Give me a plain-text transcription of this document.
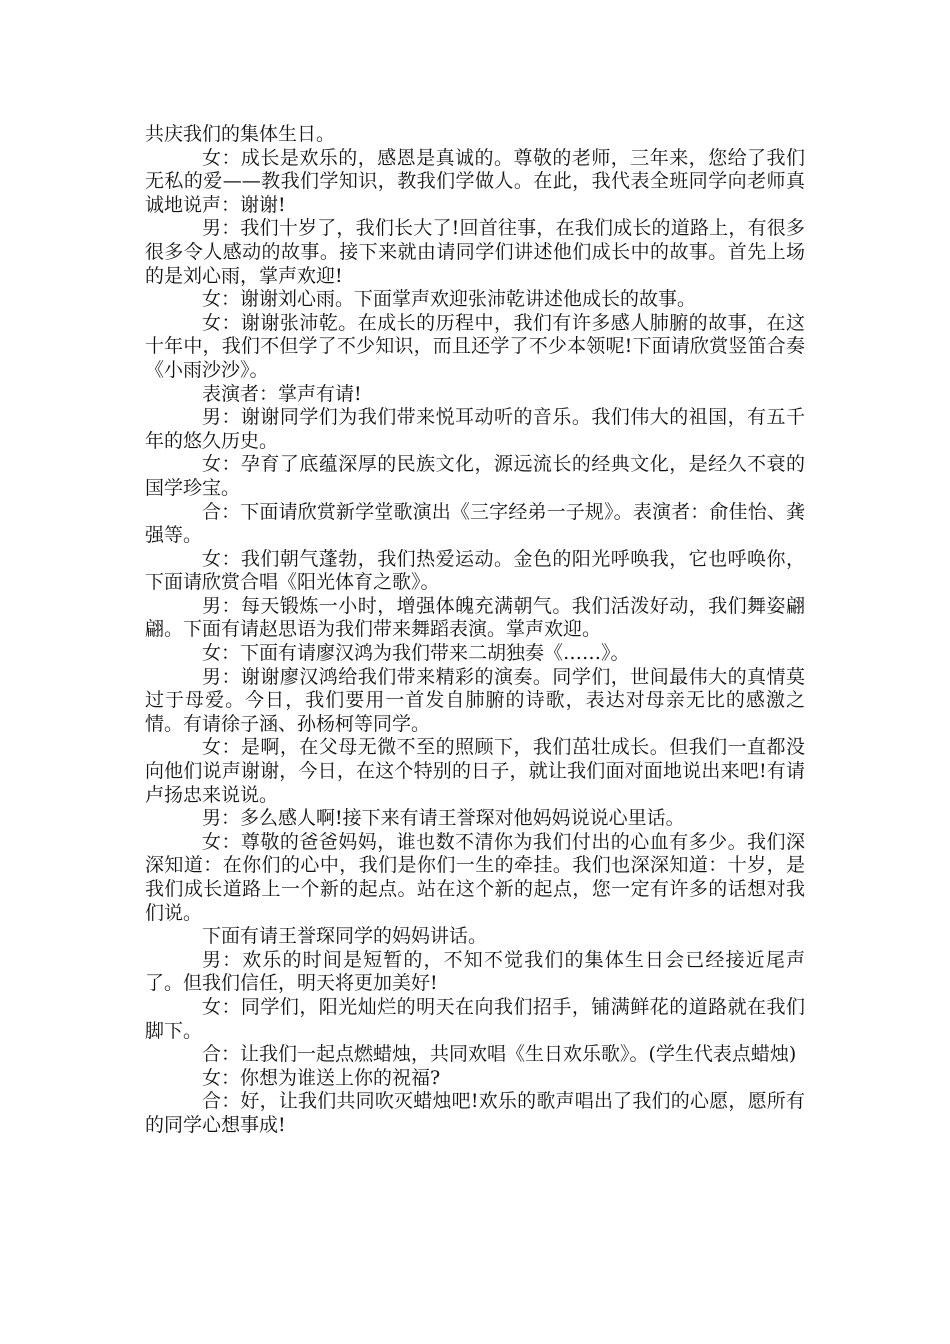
共庆我们的集体生日。

女：成长是欢乐的，感恩是真诚的。尊敬的老师，三年来，您给了我们无私的爱——教我们学知识，教我们学做人。在此，我代表全班同学向老师真诚地说声：谢谢!

男：我们十岁了，我们长大了!回首往事，在我们成长的道路上，有很多很多令人感动的故事。接下来就由请同学们讲述他们成长中的故事。首先上场的是刘心雨，掌声欢迎!

女：谢谢刘心雨。下面掌声欢迎张沛乾讲述他成长的故事。

女：谢谢张沛乾。在成长的历程中，我们有许多感人肺腑的故事，在这十年中，我们不但学了不少知识，而且还学了不少本领呢!下面请欣赏竖笛合奏《小雨沙沙》。

表演者：掌声有请!

男：谢谢同学们为我们带来悦耳动听的音乐。我们伟大的祖国，有五千年的悠久历史。

女：孕育了底蕴深厚的民族文化，源远流长的经典文化，是经久不衰的国学珍宝。

合：下面请欣赏新学堂歌演出《三字经弟一子规》。表演者：俞佳怡、龚强等。

女：我们朝气蓬勃，我们热爱运动。金色的阳光呼唤我，它也呼唤你，下面请欣赏合唱《阳光体育之歌》。

男：每天锻炼一小时，增强体魄充满朝气。我们活泼好动，我们舞姿翩翩。下面有请赵思语为我们带来舞蹈表演。掌声欢迎。

女：下面有请廖汉鸿为我们带来二胡独奏《……》。

男：谢谢廖汉鸿给我们带来精彩的演奏。同学们，世间最伟大的真情莫过于母爱。今日，我们要用一首发自肺腑的诗歌，表达对母亲无比的感激之情。有请徐子涵、孙杨柯等同学。

女：是啊，在父母无微不至的照顾下，我们茁壮成长。但我们一直都没向他们说声谢谢，今日，在这个特别的日子，就让我们面对面地说出来吧!有请卢扬忠来说说。

男：多么感人啊!接下来有请王誉琛对他妈妈说说心里话。

女：尊敬的爸爸妈妈，谁也数不清你为我们付出的心血有多少。我们深深知道：在你们的心中，我们是你们一生的牵挂。我们也深深知道：十岁，是我们成长道路上一个新的起点。站在这个新的起点，您一定有许多的话想对我们说。

下面有请王誉琛同学的妈妈讲话。

男：欢乐的时间是短暂的，不知不觉我们的集体生日会已经接近尾声了。但我们信任，明天将更加美好!

女：同学们，阳光灿烂的明天在向我们招手，铺满鲜花的道路就在我们脚下。

合：让我们一起点燃蜡烛，共同欢唱《生日欢乐歌》。(学生代表点蜡烛)

女：你想为谁送上你的祝福?

合：好，让我们共同吹灭蜡烛吧!欢乐的歌声唱出了我们的心愿，愿所有的同学心想事成!
